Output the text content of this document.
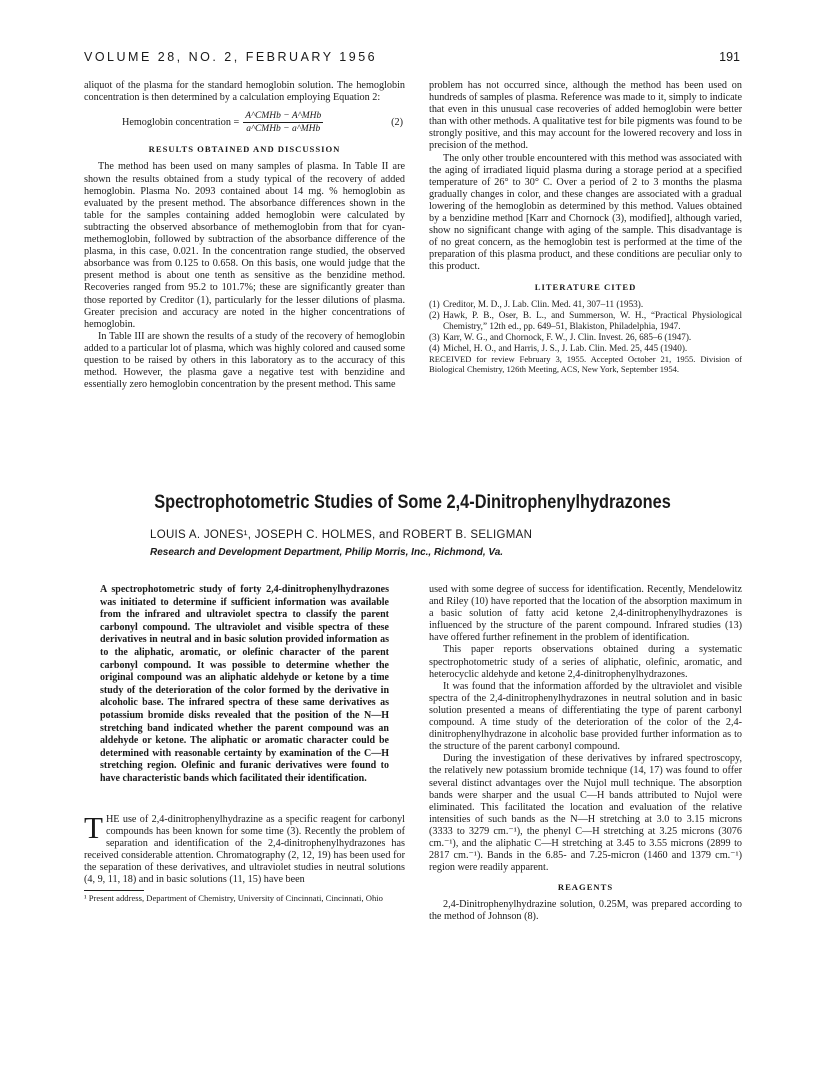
VOLUME 28, NO. 2, FEBRUARY 1956	191

aliquot of the plasma for the standard hemoglobin solution. The hemoglobin concentration is then determined by a calculation employing Equation 2:

Hemoglobin concentration = $\frac{\text{A\textasciicircum{}CMHb − A\textasciicircum{}MHb}}{\text{a\textasciicircum{}CMHb − a\textasciicircum{}MHb}}$	(2)
RESULTS OBTAINED AND DISCUSSION

The method has been used on many samples of plasma. In Table II are shown the results obtained from a study typical of the recovery of added hemoglobin. Plasma No. 2093 contained about 14 mg. % hemoglobin as evaluated by the present method. The absorbance differences shown in the table for the samples containing added hemoglobin were calculated by subtracting the observed absorbance of methemoglobin from that for cyan-methemoglobin, followed by subtraction of the absorbance difference of the plasma, in this case, 0.021. In the concentration range studied, the observed absorbance was from 0.125 to 0.658. On this basis, one would judge that the present method is about one tenth as sensitive as the benzidine method. Recoveries ranged from 95.2 to 101.7%; these are significantly greater than those reported by Creditor (1), particularly for the lesser dilutions of plasma. Greater precision and accuracy are noted in the higher concentrations of hemoglobin.

In Table III are shown the results of a study of the recovery of hemoglobin added to a particular lot of plasma, which was highly colored and caused some question to be raised by others in this laboratory as to the accuracy of this method. However, the plasma gave a negative test with benzidine and essentially zero hemoglobin concentration by the present method. This same

problem has not occurred since, although the method has been used on hundreds of samples of plasma. Reference was made to it, simply to indicate that even in this unusual case recoveries of added hemoglobin were better than with other methods. A qualitative test for bile pigments was found to be strongly positive, and this may account for the lowered recovery and loss in precision of the method.

The only other trouble encountered with this method was associated with the aging of irradiated liquid plasma during a storage period at a specified temperature of 26° to 30° C. Over a period of 2 to 3 months the plasma gradually changes in color, and these changes are associated with a gradual lowering of the hemoglobin as determined by this method. Values obtained by a benzidine method [Karr and Chornock (3), modified], although varied, show no significant change with aging of the sample. This disadvantage is of no great concern, as the hemoglobin test is performed at the time of the preparation of this plasma product, and these conditions are peculiar only to this product.

LITERATURE CITED
(1) Creditor, M. D., J. Lab. Clin. Med. 41, 307–11 (1953).
(2) Hawk, P. B., Oser, B. L., and Summerson, W. H., “Practical Physiological Chemistry,” 12th ed., pp. 649–51, Blakiston, Philadelphia, 1947.
(3) Karr, W. G., and Chornock, F. W., J. Clin. Invest. 26, 685–6 (1947).
(4) Michel, H. O., and Harris, J. S., J. Lab. Clin. Med. 25, 445 (1940).

RECEIVED for review February 3, 1955. Accepted October 21, 1955. Division of Biological Chemistry, 126th Meeting, ACS, New York, September 1954.

Spectrophotometric Studies of Some 2,4-Dinitrophenylhydrazones
LOUIS A. JONES¹, JOSEPH C. HOLMES, and ROBERT B. SELIGMAN
Research and Development Department, Philip Morris, Inc., Richmond, Va.

A spectrophotometric study of forty 2,4-dinitrophenylhydrazones was initiated to determine if sufficient information was available from the infrared and ultraviolet spectra to classify the parent carbonyl compound. The ultraviolet and visible spectra of these derivatives in neutral and in basic solution provided information as to the aliphatic, aromatic, or olefinic character of the parent carbonyl compound. It was possible to determine whether the original compound was an aliphatic aldehyde or ketone by a time study of the deterioration of the color formed by the derivative in alcoholic base. The infrared spectra of these same derivatives as potassium bromide disks revealed that the position of the N—H stretching band indicated whether the parent compound was an aldehyde or ketone. The aliphatic or aromatic character could be determined with reasonable certainty by examination of the C—H stretching region. Olefinic and furanic derivatives were found to have characteristic bands which facilitated their identification.

THE use of 2,4-dinitrophenylhydrazine as a specific reagent for carbonyl compounds has been known for some time (3). Recently the problem of separation and identification of the 2,4-dinitrophenylhydrazones has received considerable attention. Chromatography (2, 12, 19) has been used for the separation of these derivatives, and ultraviolet studies in neutral solutions (4, 9, 11, 18) and in basic solutions (11, 15) have been

¹ Present address, Department of Chemistry, University of Cincinnati, Cincinnati, Ohio

used with some degree of success for identification. Recently, Mendelowitz and Riley (10) have reported that the location of the absorption maximum in a basic solution of fatty acid ketone 2,4-dinitrophenylhydrazones is influenced by the structure of the parent compound. Infrared studies (13) have offered further refinement in the problem of identification.

This paper reports observations obtained during a systematic spectrophotometric study of a series of aliphatic, olefinic, aromatic, and heterocyclic aldehyde and ketone 2,4-dinitrophenylhydrazones.

It was found that the information afforded by the ultraviolet and visible spectra of the 2,4-dinitrophenylhydrazones in neutral solution and in basic solution presented a means of differentiating the type of parent carbonyl compound. A time study of the deterioration of the color of the 2,4-dinitrophenylhydrazone in alcoholic base provided further information as to the structure of the parent carbonyl compound.

During the investigation of these derivatives by infrared spectroscopy, the relatively new potassium bromide technique (14, 17) was found to offer several distinct advantages over the Nujol mull technique. The absorption bands were sharper and the usual C—H bands attributed to Nujol were eliminated. This facilitated the location and evaluation of the relative intensities of such bands as the N—H stretching at 3.0 to 3.15 microns (3333 to 3279 cm.⁻¹), the phenyl C—H stretching at 3.25 microns (3076 cm.⁻¹), and the aliphatic C—H stretching at 3.45 to 3.55 microns (2899 to 2817 cm.⁻¹). Bands in the 6.85- and 7.25-micron (1460 and 1379 cm.⁻¹) region were readily apparent.

REAGENTS

2,4-Dinitrophenylhydrazine solution, 0.25M, was prepared according to the method of Johnson (8).
